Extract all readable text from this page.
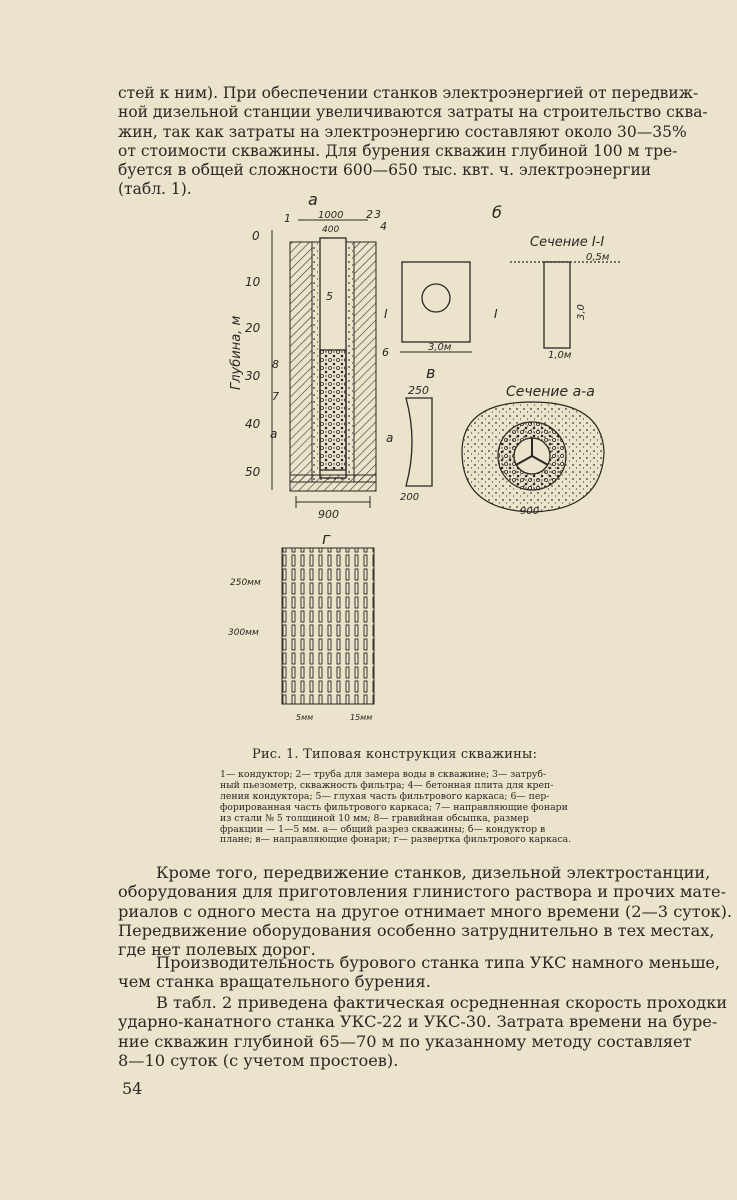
стей к ним). При обеспечении станков электроэнергией от передвиж-
ной дизельной станции увеличиваются затраты на строительство сква-
жин, так как затраты на электроэнергию составляют около 30—35%
от стоимости скважины. Для бурения скважин глубиной 100 м тре-
буется в общей сложности 600—650 тыс. квт. ч. электроэнергии
(табл. 1).
а
Глубина, м
0
10
20
30
40
50
900
1000
400
1	2 3
4
5
6
7
8
а
б
3,0м
I	I
Сечение I-I
0,5м
3,0
1,0м
в
250
200
а
Сечение а-а
900
г
250мм
300мм
5мм	15мм
Рис. 1. Типовая конструкция скважины:
1— кондуктор; 2— труба для замера воды в скважине; 3— затруб-
ный пьезометр, скважность фильтра; 4— бетонная плита для креп-
ления кондуктора; 5— глухая часть фильтрового каркаса; 6— пер-
форированная часть фильтрового каркаса; 7— направляющие фонари
из стали № 5 толщиной 10 мм; 8— гравийная обсыпка, размер
фракции — 1—5 мм. а— общий разрез скважины; б— кондуктор в
плане; в— направляющие фонари; г— развертка фильтрового каркаса.
Кроме того, передвижение станков, дизельной электростанции,
оборудования для приготовления глинистого раствора и прочих мате-
риалов с одного места на другое отнимает много времени (2—3 суток).
Передвижение оборудования особенно затруднительно в тех местах,
где нет полевых дорог.
Производительность бурового станка типа УКС намного меньше,
чем станка вращательного бурения.
В табл. 2 приведена фактическая осредненная скорость проходки
ударно-канатного станка УКС-22 и УКС-30. Затрата времени на буре-
ние скважин глубиной 65—70 м по указанному методу составляет
8—10 суток (с учетом простоев).
54
